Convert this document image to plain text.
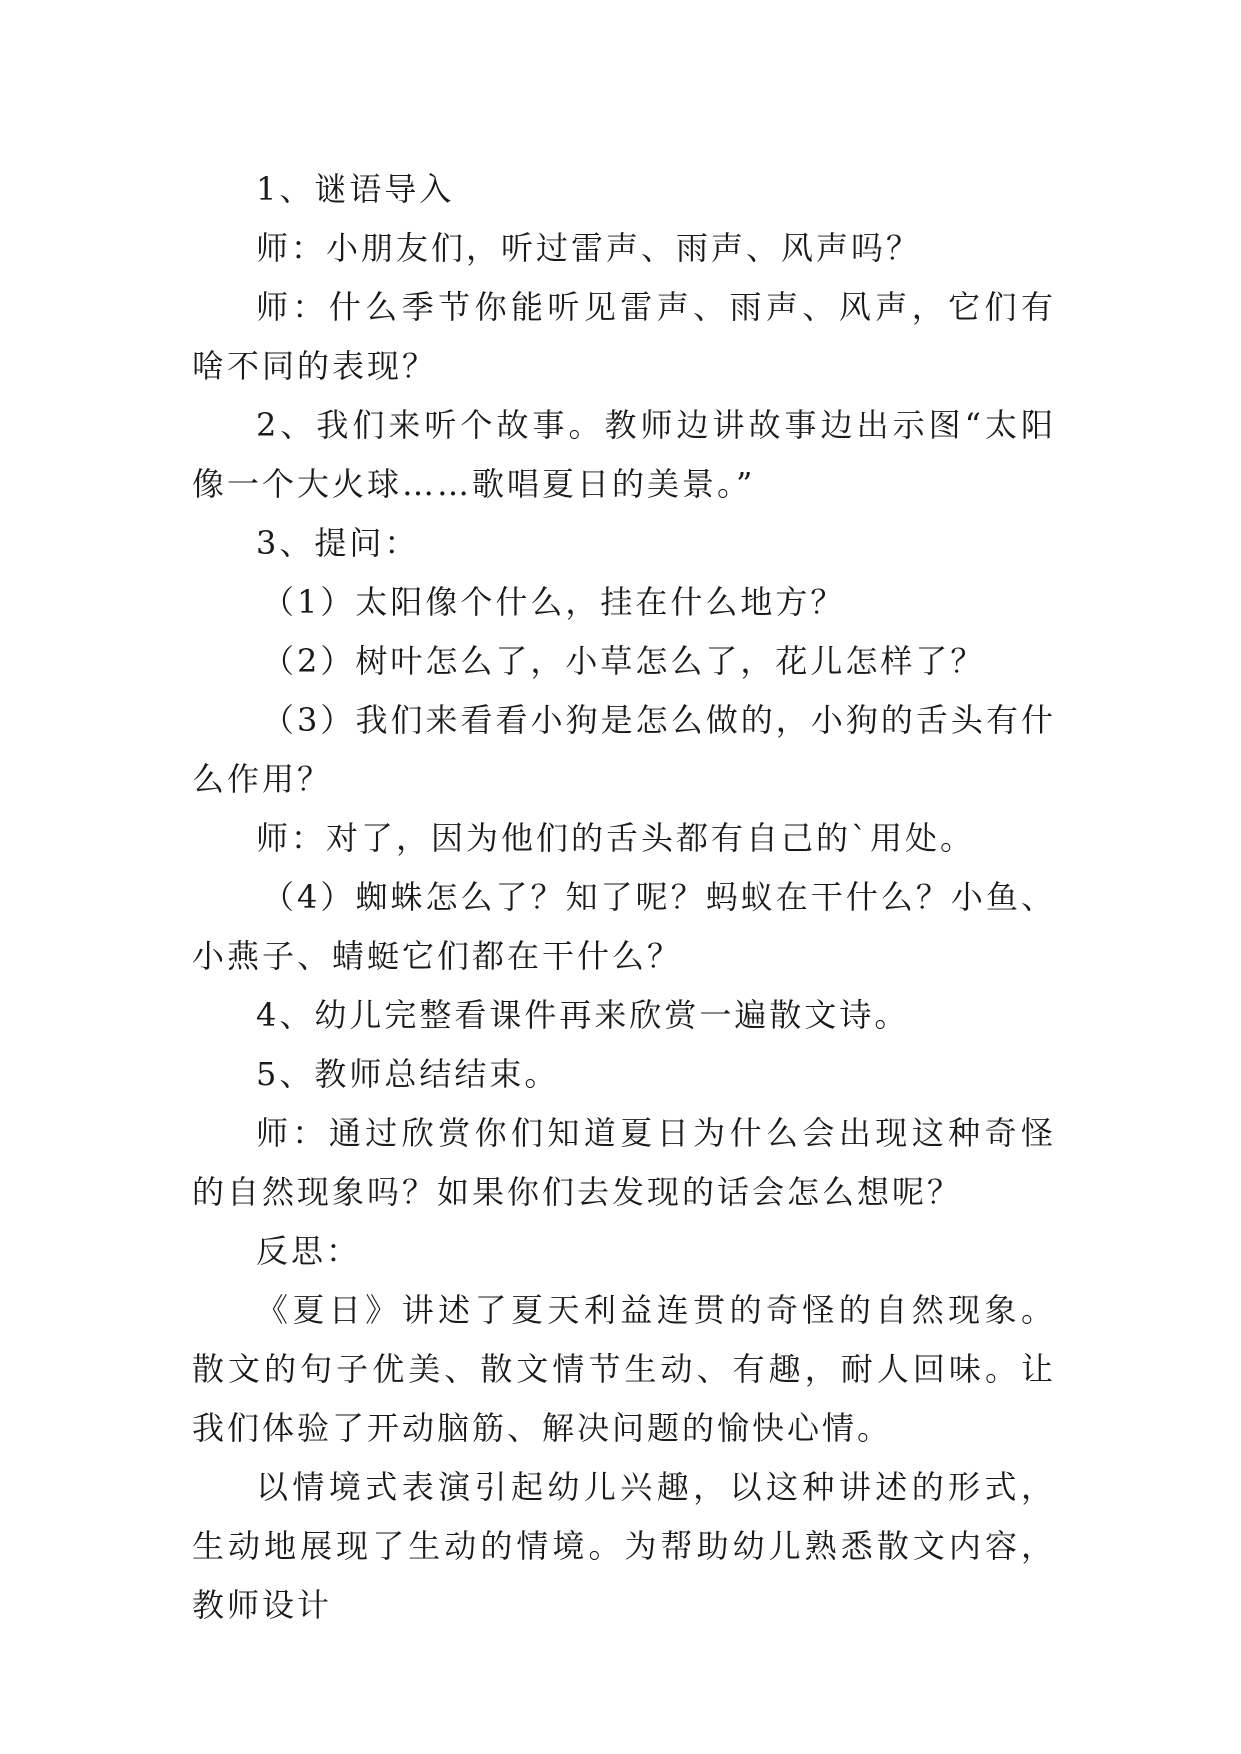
1、谜语导入

师：小朋友们，听过雷声、雨声、风声吗？

师：什么季节你能听见雷声、雨声、风声，它们有啥不同的表现？

2、我们来听个故事。教师边讲故事边出示图“太阳像一个大火球……歌唱夏日的美景。”

3、提问：

（1）太阳像个什么，挂在什么地方？

（2）树叶怎么了，小草怎么了，花儿怎样了？

（3）我们来看看小狗是怎么做的，小狗的舌头有什么作用？

师：对了，因为他们的舌头都有自己的`用处。

（4）蜘蛛怎么了？知了呢？蚂蚁在干什么？小鱼、小燕子、蜻蜓它们都在干什么？

4、幼儿完整看课件再来欣赏一遍散文诗。

5、教师总结结束。

师：通过欣赏你们知道夏日为什么会出现这种奇怪的自然现象吗？如果你们去发现的话会怎么想呢？

反思：

《夏日》讲述了夏天利益连贯的奇怪的自然现象。散文的句子优美、散文情节生动、有趣，耐人回味。让我们体验了开动脑筋、解决问题的愉快心情。

以情境式表演引起幼儿兴趣，以这种讲述的形式，生动地展现了生动的情境。为帮助幼儿熟悉散文内容，教师设计
